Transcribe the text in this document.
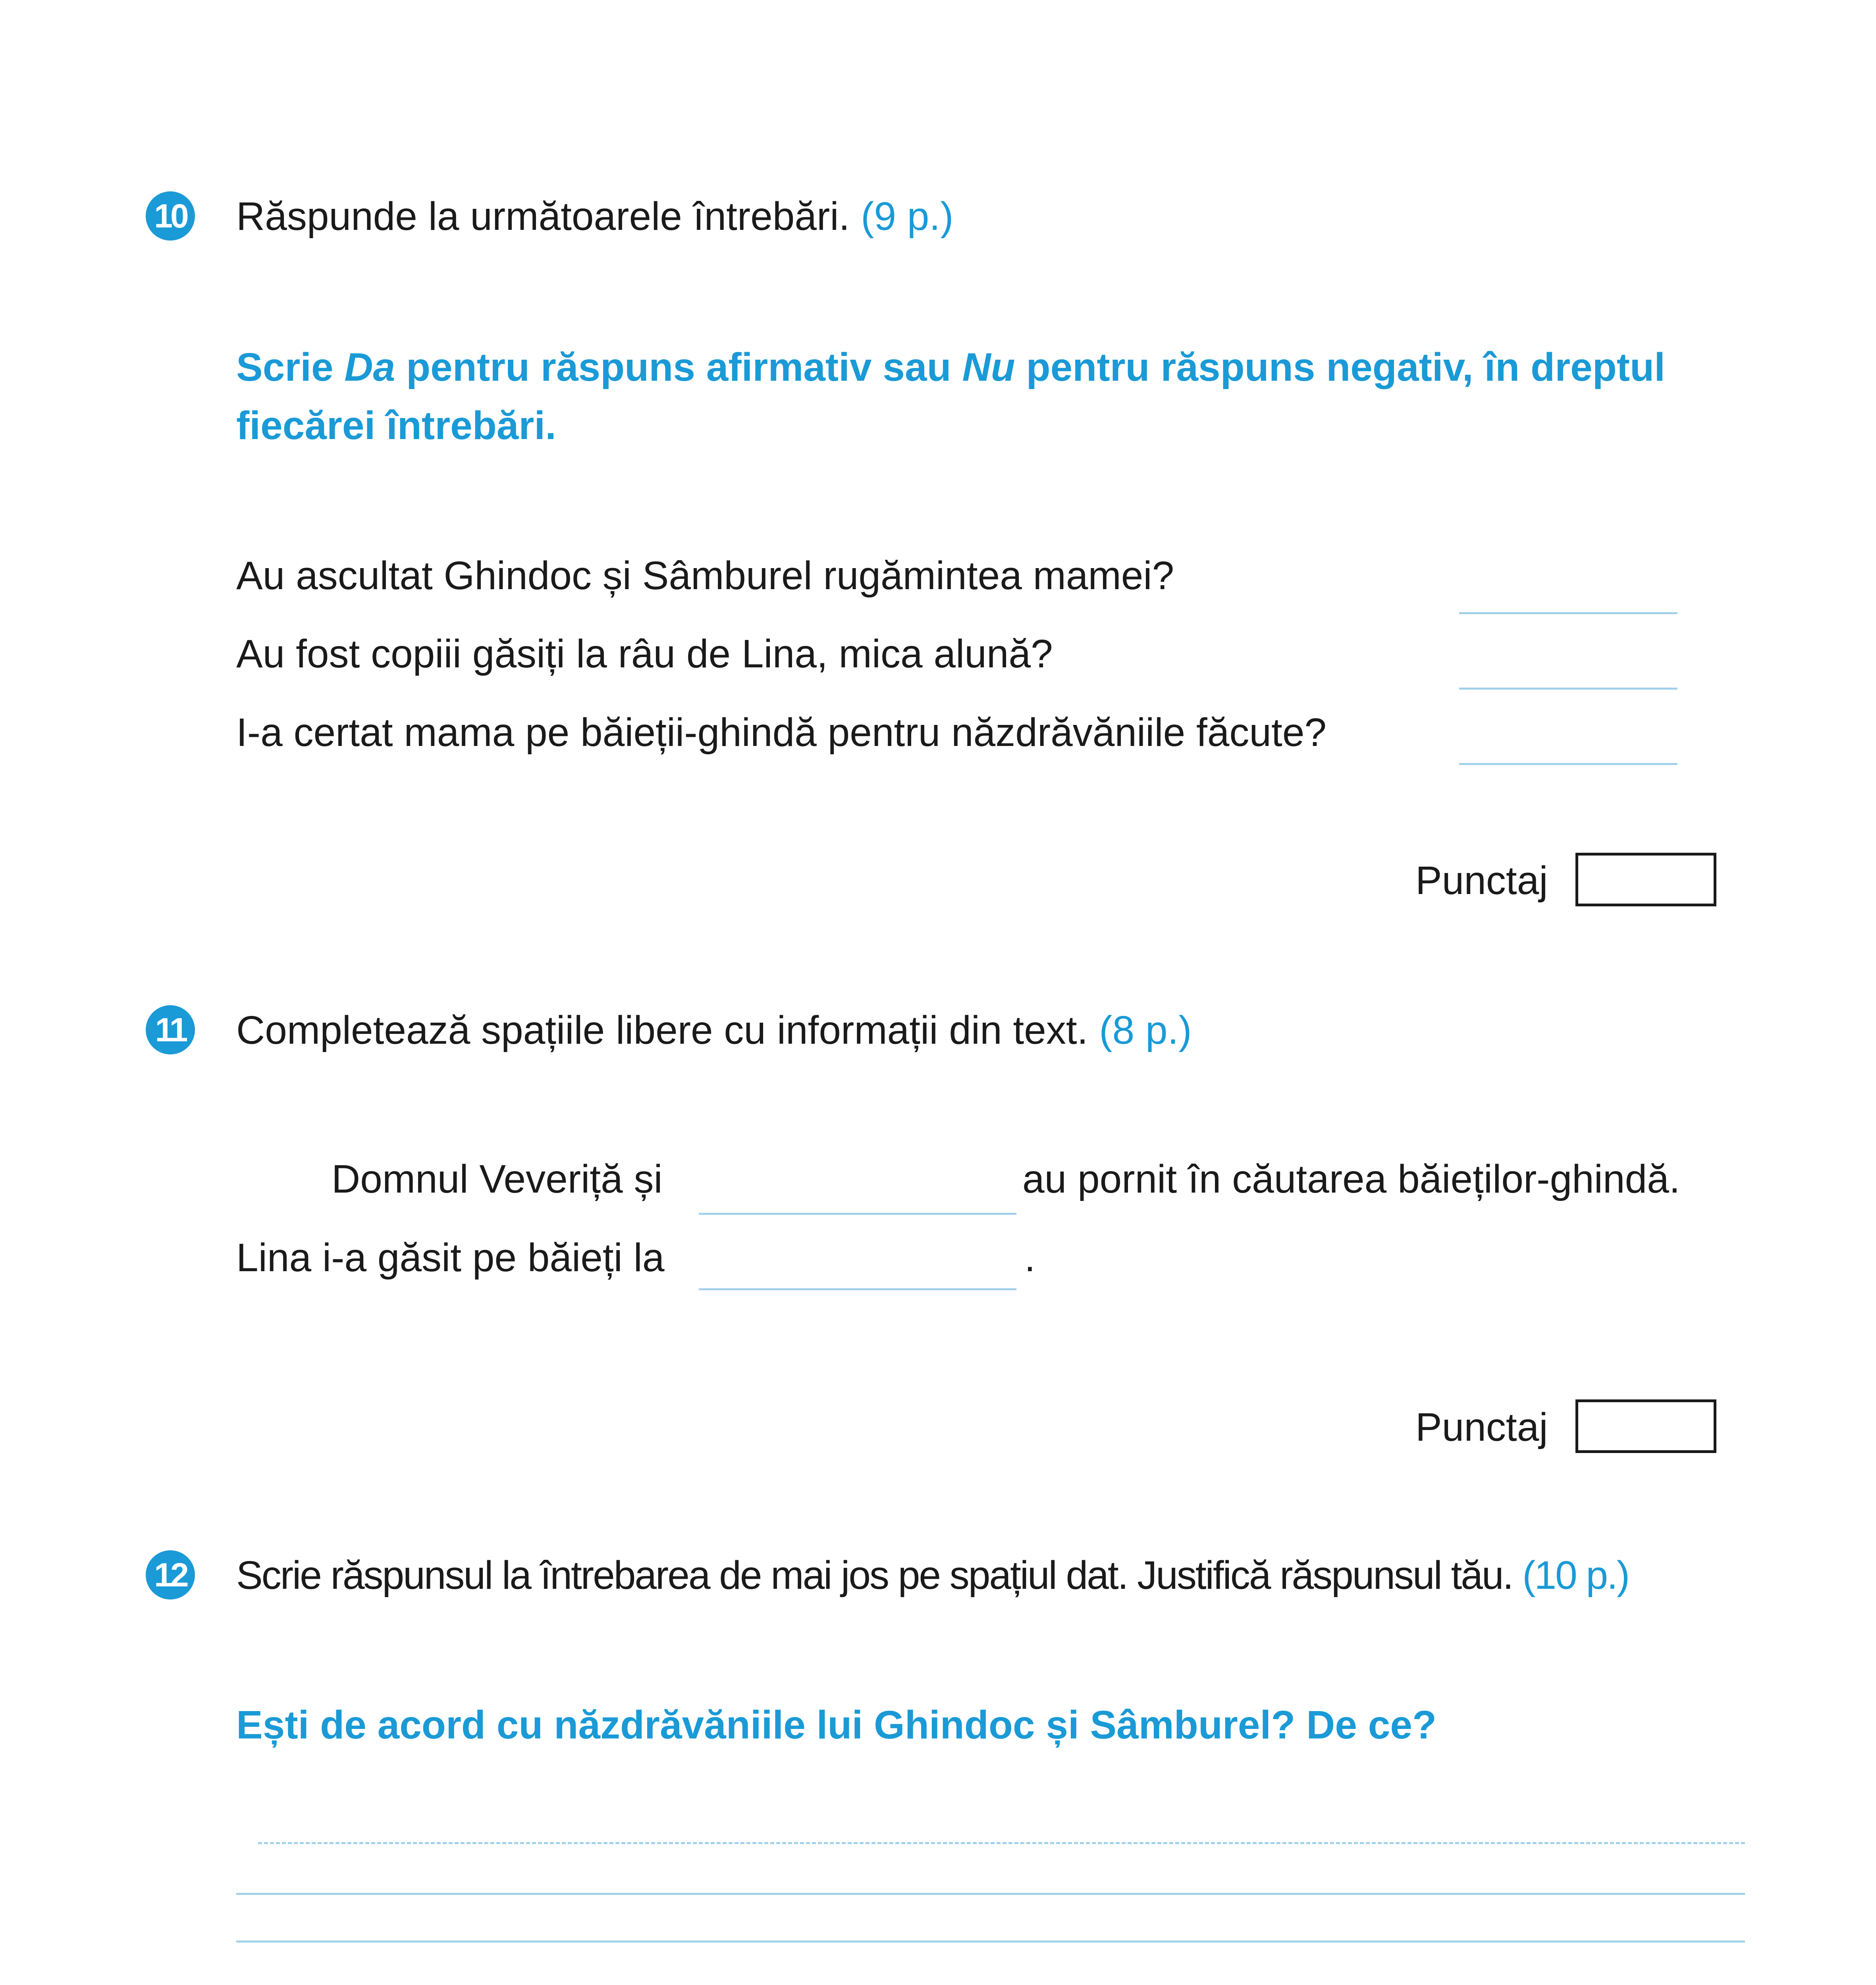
10 Răspunde la următoarele întrebări. (9 p.)
Scrie Da pentru răspuns afirmativ sau Nu pentru răspuns negativ, în dreptul
fiecărei întrebări.
Au ascultat Ghindoc și Sâmburel rugămintea mamei?
Au fost copiii găsiți la râu de Lina, mica alună?
I-a certat mama pe băieții-ghindă pentru năzdrăvăniile făcute?
Punctaj
11 Completează spațiile libere cu informații din text. (8 p.)
Domnul Veveriță și	au pornit în căutarea băieților-ghindă.
Lina i-a găsit pe băieți la	.
Punctaj
12 Scrie răspunsul la întrebarea de mai jos pe spațiul dat. Justifică răspunsul tău. (10 p.)
Ești de acord cu năzdrăvăniile lui Ghindoc și Sâmburel? De ce?
